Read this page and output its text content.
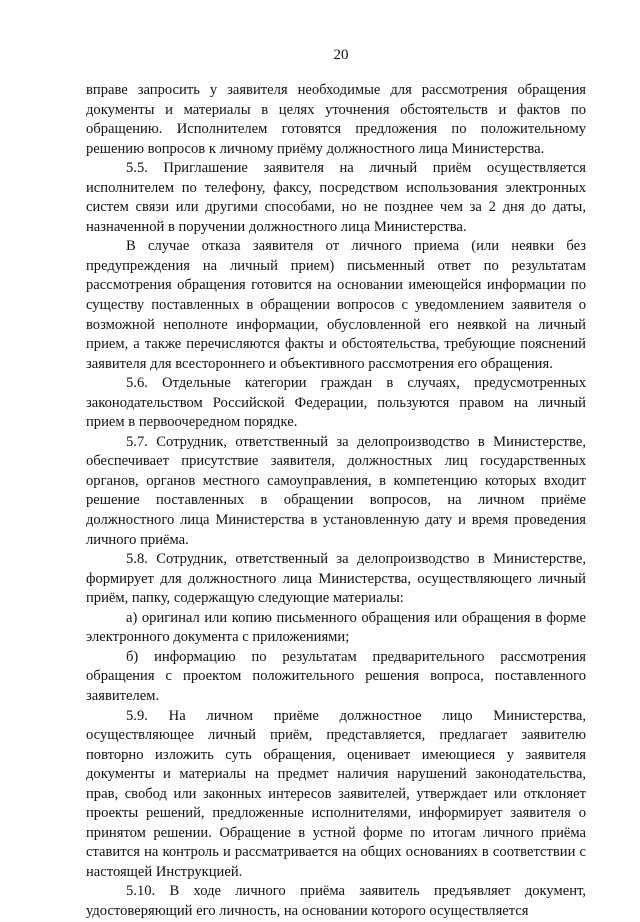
20

вправе запросить у заявителя необходимые для рассмотрения обращения документы и материалы в целях уточнения обстоятельств и фактов по обращению. Исполнителем готовятся предложения по положительному решению вопросов к личному приёму должностного лица Министерства.

5.5. Приглашение заявителя на личный приём осуществляется исполнителем по телефону, факсу, посредством использования электронных систем связи или другими способами, но не позднее чем за 2 дня до даты, назначенной в поручении должностного лица Министерства.

В случае отказа заявителя от личного приема (или неявки без предупреждения на личный прием) письменный ответ по результатам рассмотрения обращения готовится на основании имеющейся информации по существу поставленных в обращении вопросов с уведомлением заявителя о возможной неполноте информации, обусловленной его неявкой на личный прием, а также перечисляются факты и обстоятельства, требующие пояснений заявителя для всестороннего и объективного рассмотрения его обращения.

5.6. Отдельные категории граждан в случаях, предусмотренных законодательством Российской Федерации, пользуются правом на личный прием в первоочередном порядке.

5.7. Сотрудник, ответственный за делопроизводство в Министерстве, обеспечивает присутствие заявителя, должностных лиц государственных органов, органов местного самоуправления, в компетенцию которых входит решение поставленных в обращении вопросов, на личном приёме должностного лица Министерства в установленную дату и время проведения личного приёма.

5.8. Сотрудник, ответственный за делопроизводство в Министерстве, формирует для должностного лица Министерства, осуществляющего личный приём, папку, содержащую следующие материалы:

а) оригинал или копию письменного обращения или обращения в форме электронного документа с приложениями;

б) информацию по результатам предварительного рассмотрения обращения с проектом положительного решения вопроса, поставленного заявителем.

5.9. На личном приёме должностное лицо Министерства, осуществляющее личный приём, представляется, предлагает заявителю повторно изложить суть обращения, оценивает имеющиеся у заявителя документы и материалы на предмет наличия нарушений законодательства, прав, свобод или законных интересов заявителей, утверждает или отклоняет проекты решений, предложенные исполнителями, информирует заявителя о принятом решении. Обращение в устной форме по итогам личного приёма ставится на контроль и рассматривается на общих основаниях в соответствии с настоящей Инструкцией.

5.10. В ходе личного приёма заявитель предъявляет документ, удостоверяющий его личность, на основании которого осуществляется
